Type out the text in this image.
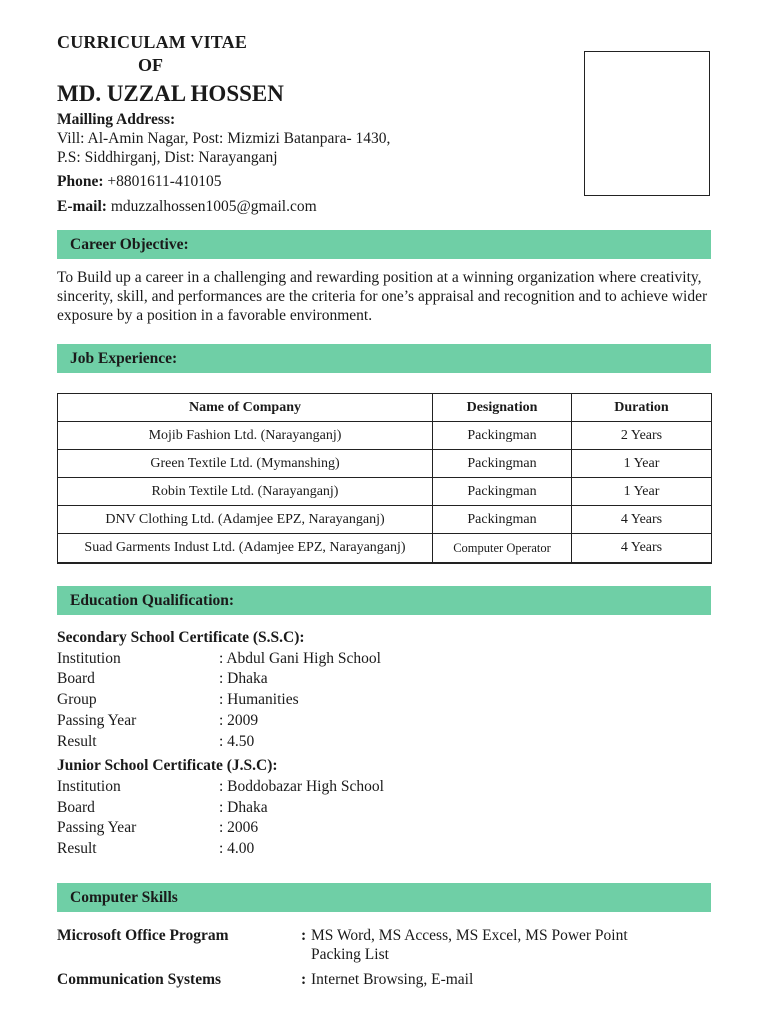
CURRICULAM VITAE
OF
MD. UZZAL HOSSEN
Mailling Address:
Vill: Al-Amin Nagar, Post: Mizmizi Batanpara- 1430,
P.S: Siddhirganj, Dist: Narayanganj
Phone: +8801611-410105
E-mail: mduzzalhossen1005@gmail.com
Career Objective:
To Build up a career in a challenging and rewarding position at a winning organization where creativity, sincerity, skill, and performances are the criteria for one’s appraisal and recognition and to achieve wider exposure by a position in a favorable environment.
Job Experience:
Name of Company	Designation	Duration
Mojib Fashion Ltd. (Narayanganj)	Packingman	2 Years
Green Textile Ltd. (Mymanshing)	Packingman	1 Year
Robin Textile Ltd. (Narayanganj)	Packingman	1 Year
DNV Clothing Ltd. (Adamjee EPZ, Narayanganj)	Packingman	4 Years
Suad Garments Indust Ltd. (Adamjee EPZ, Narayanganj)	Computer Operator	4 Years
Education Qualification:
Secondary School Certificate (S.S.C):
Institution	: Abdul Gani High School
Board	: Dhaka
Group	: Humanities
Passing Year	: 2009
Result	: 4.50
Junior School Certificate (J.S.C):
Institution	: Boddobazar High School
Board	: Dhaka
Passing Year	: 2006
Result	: 4.00
Computer Skills
Microsoft Office Program	: MS Word, MS Access, MS Excel, MS Power Point
Packing List
Communication Systems	: Internet Browsing, E-mail
